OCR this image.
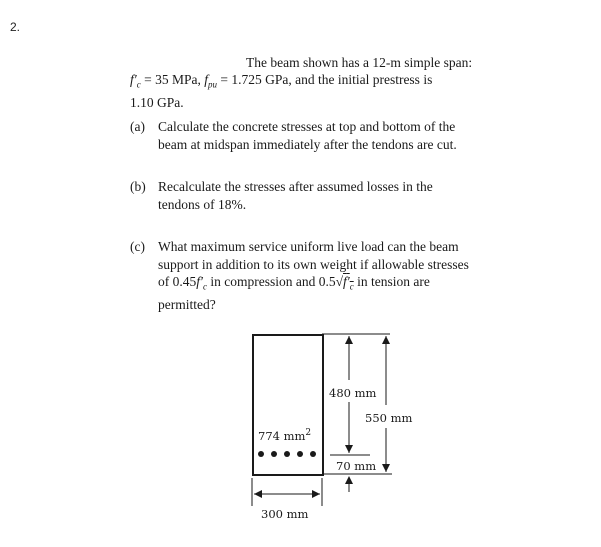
2.
The beam shown has a 12-m simple span:
$f'_c = 35$ MPa, $f_{pu} = 1.725$ GPa, and the initial prestress is
1.10 GPa.
(a) Calculate the concrete stresses at top and bottom of the
beam at midspan immediately after the tendons are cut.
(b) Recalculate the stresses after assumed losses in the
tendons of 18%.
(c) What maximum service uniform live load can the beam
support in addition to its own weight if allowable stresses
of $0.45f'_c$ in compression and $0.5√f'_c$ in tension are
permitted?
774 $mm^2$
480 mm
550 mm
70 mm
300 mm
